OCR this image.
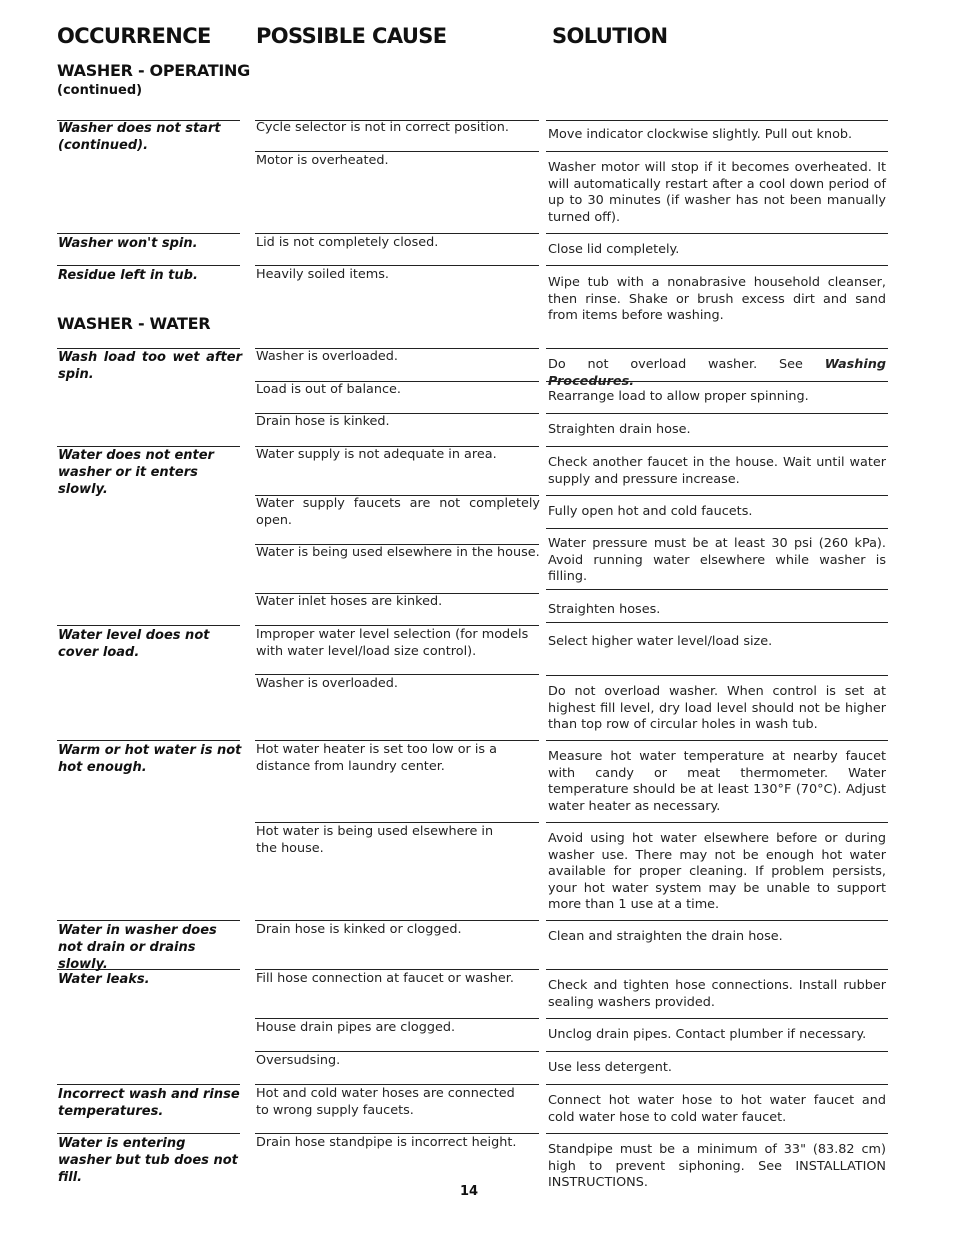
OCCURRENCE POSSIBLE CAUSE	SOLUTION
WASHER - OPERATING
(continued)
WASHER - WATER
Washer does not start (continued).
Washer won't spin.
Residue left in tub.
Wash load too wet after spin.
Water does not enter washer or it enters slowly.
Water level does not cover load.
Warm or hot water is not hot enough.
Water in washer does not drain or drains slowly.
Water leaks.
Incorrect wash and rinse temperatures.
Water is entering washer but tub does not fill.
Cycle selector is not in correct position.
Motor is overheated.
Lid is not completely closed.
Heavily soiled items.
Washer is overloaded.
Load is out of balance.
Drain hose is kinked.
Water supply is not adequate in area.
Water supply faucets are not completely open.
Water is being used elsewhere in the house.
Water inlet hoses are kinked.
Improper water level selection (for models with water level/load size control).
Washer is overloaded.
Hot water heater is set too low or is a distance from laundry center.
Hot water is being used elsewhere in the house.
Drain hose is kinked or clogged.
Fill hose connection at faucet or washer.
House drain pipes are clogged.
Oversudsing.
Hot and cold water hoses are connected to wrong supply faucets.
Drain hose standpipe is incorrect height.
Move indicator clockwise slightly. Pull out knob.
Washer motor will stop if it becomes overheated. It will automatically restart after a cool down period of up to 30 minutes (if washer has not been manually turned off).
Close lid completely.
Wipe tub with a nonabrasive household cleanser, then rinse. Shake or brush excess dirt and sand from items before washing.
Do not overload washer. See Washing Procedures.
Rearrange load to allow proper spinning.
Straighten drain hose.
Check another faucet in the house. Wait until water supply and pressure increase.
Fully open hot and cold faucets.
Water pressure must be at least 30 psi (260 kPa). Avoid running water elsewhere while washer is filling.
Straighten hoses.
Select higher water level/load size.
Do not overload washer. When control is set at highest fill level, dry load level should not be higher than top row of circular holes in wash tub.
Measure hot water temperature at nearby faucet with candy or meat thermometer. Water temperature should be at least 130°F (70°C). Adjust water heater as necessary.
Avoid using hot water elsewhere before or during washer use. There may not be enough hot water available for proper cleaning. If problem persists, your hot water system may be unable to support more than 1 use at a time.
Clean and straighten the drain hose.
Check and tighten hose connections. Install rubber sealing washers provided.
Unclog drain pipes. Contact plumber if necessary.
Use less detergent.
Connect hot water hose to hot water faucet and cold water hose to cold water faucet.
Standpipe must be a minimum of 33" (83.82 cm) high to prevent siphoning. See INSTALLATION INSTRUCTIONS.
14
